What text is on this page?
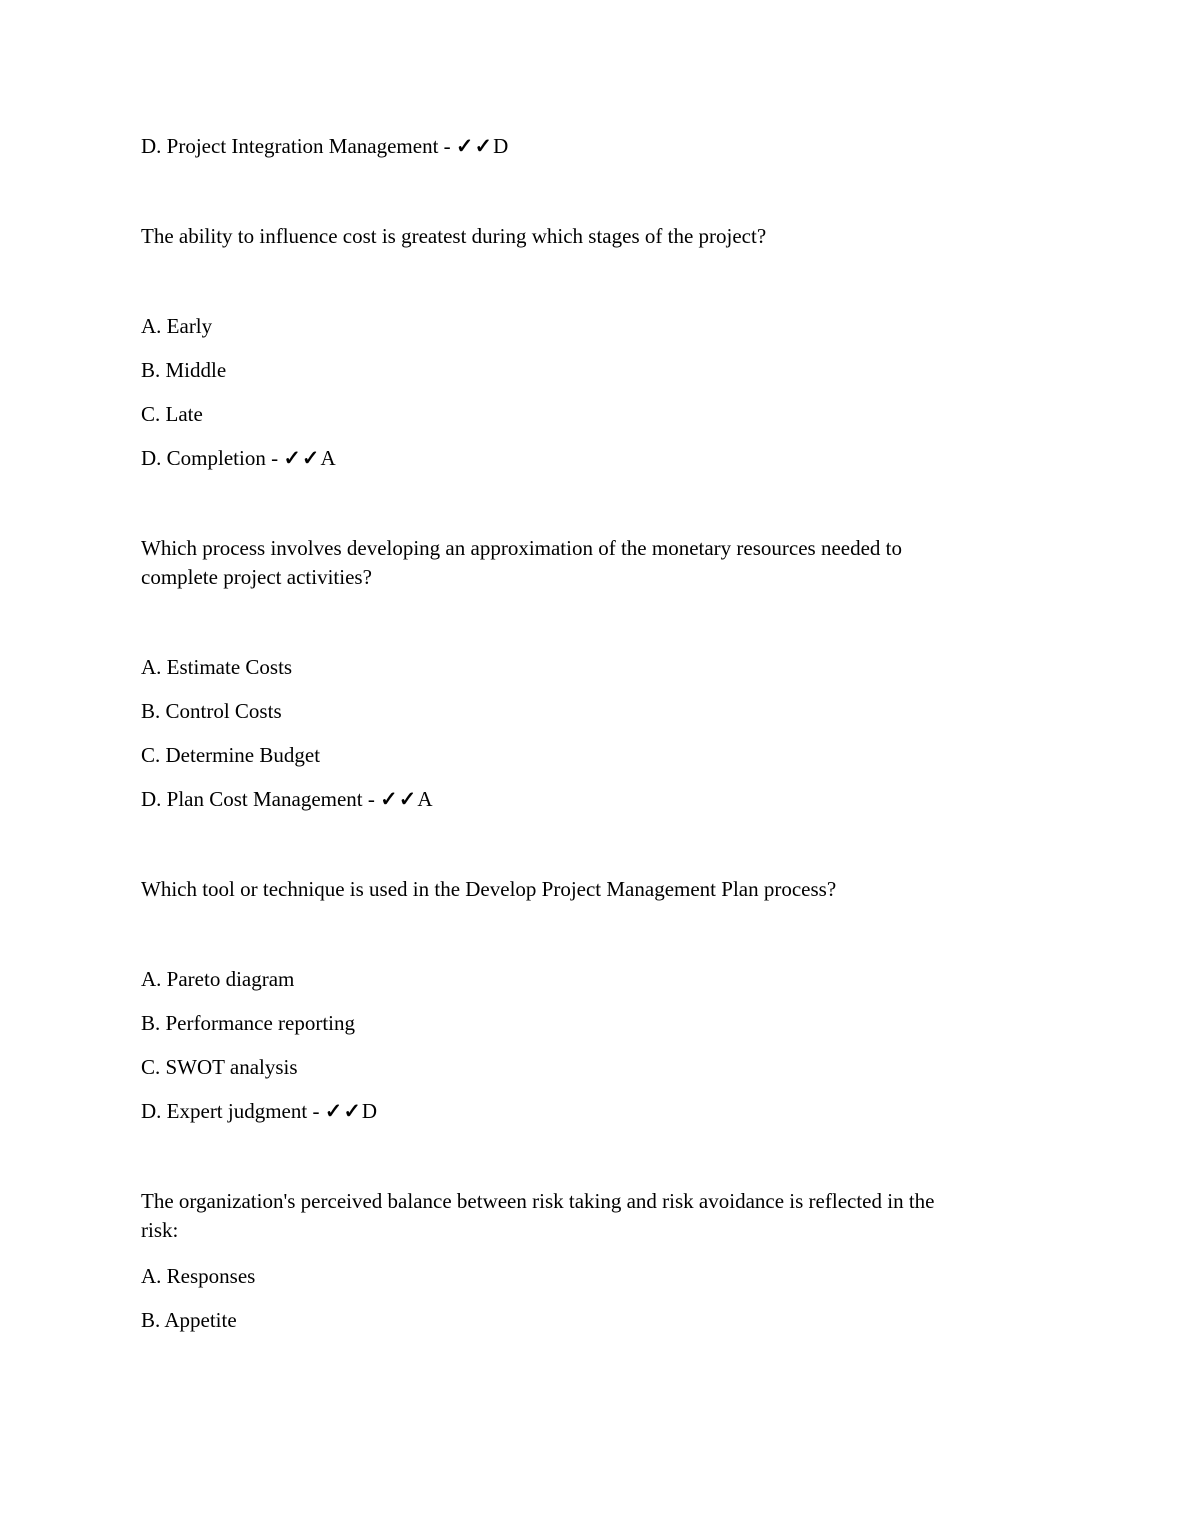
D. Project Integration Management - ✓✓D
The ability to influence cost is greatest during which stages of the project?
A. Early
B. Middle
C. Late
D. Completion - ✓✓A
Which process involves developing an approximation of the monetary resources needed to
complete project activities?
A. Estimate Costs
B. Control Costs
C. Determine Budget
D. Plan Cost Management - ✓✓A
Which tool or technique is used in the Develop Project Management Plan process?
A. Pareto diagram
B. Performance reporting
C. SWOT analysis
D. Expert judgment - ✓✓D
The organization's perceived balance between risk taking and risk avoidance is reflected in the
risk:
A. Responses
B. Appetite
